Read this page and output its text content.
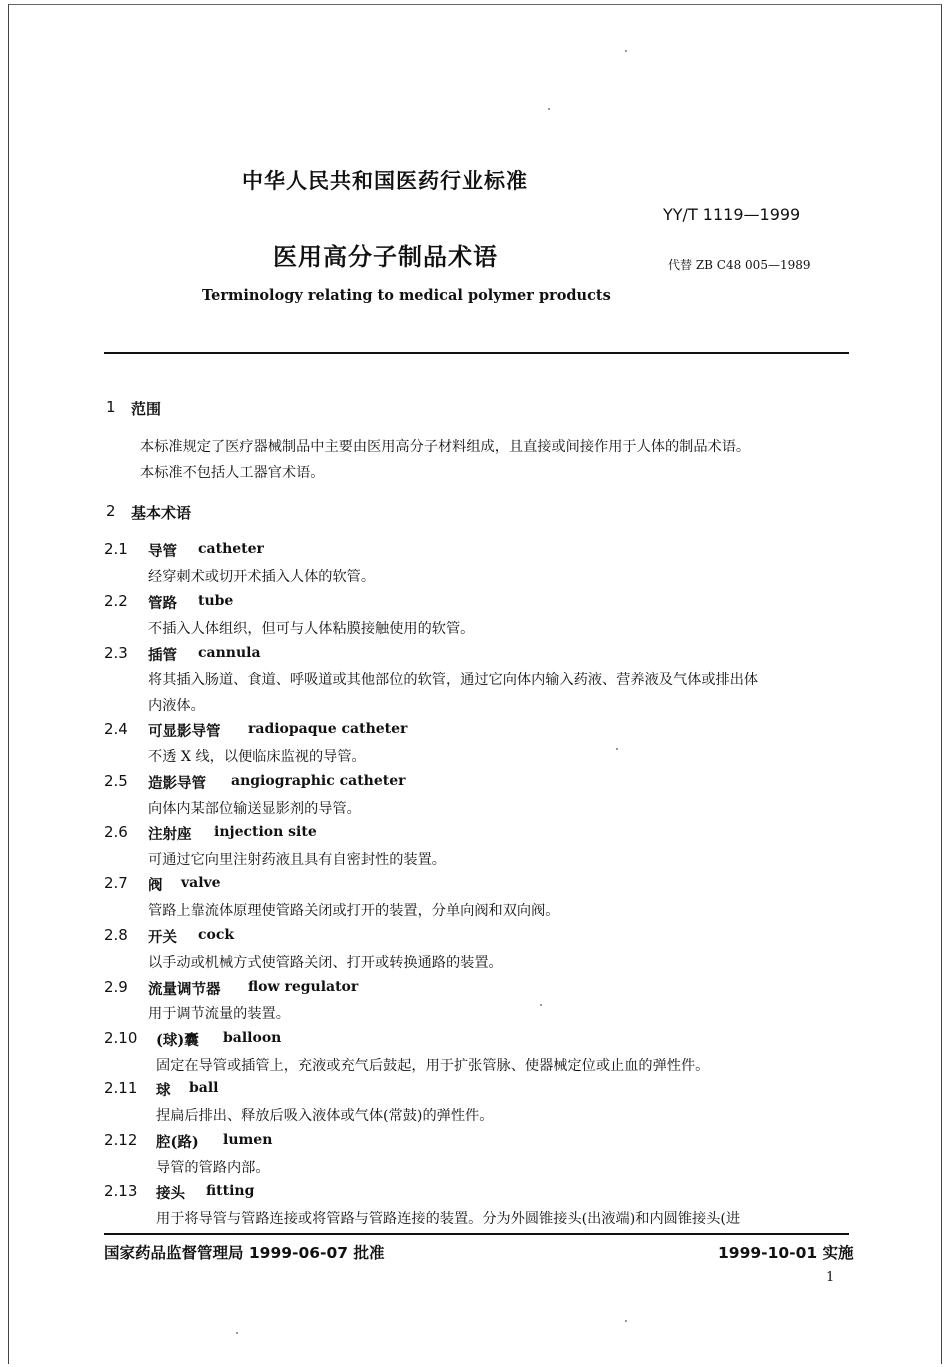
中华人民共和国医药行业标准
YY/T 1119—1999
医用高分子制品术语	代替 ZB C48 005—1989
Terminology relating to medical polymer products
1 范围
本标准规定了医疗器械制品中主要由医用高分子材料组成，且直接或间接作用于人体的制品术语。
本标准不包括人工器官术语。
2 基本术语
2.1 导管 catheter
经穿刺术或切开术插入人体的软管。
2.2 管路 tube
不插入人体组织，但可与人体粘膜接触使用的软管。
2.3 插管 cannula
将其插入肠道、食道、呼吸道或其他部位的软管，通过它向体内输入药液、营养液及气体或排出体
内液体。
2.4 可显影导管 radiopaque catheter
不透 X 线，以便临床监视的导管。
2.5 造影导管 angiographic catheter
向体内某部位输送显影剂的导管。
2.6 注射座 injection site
可通过它向里注射药液且具有自密封性的装置。
2.7 阀 valve
管路上靠流体原理使管路关闭或打开的装置，分单向阀和双向阀。
2.8 开关 cock
以手动或机械方式使管路关闭、打开或转换通路的装置。
2.9 流量调节器 flow regulator
用于调节流量的装置。
2.10 (球)囊 balloon
固定在导管或插管上，充液或充气后鼓起，用于扩张管脉、使器械定位或止血的弹性件。
2.11 球 ball
捏扁后排出、释放后吸入液体或气体(常鼓)的弹性件。
2.12 腔(路) lumen
导管的管路内部。
2.13 接头 fitting
用于将导管与管路连接或将管路与管路连接的装置。分为外圆锥接头(出液端)和内圆锥接头(进
国家药品监督管理局 1999-06-07 批准	1999-10-01 实施
1
